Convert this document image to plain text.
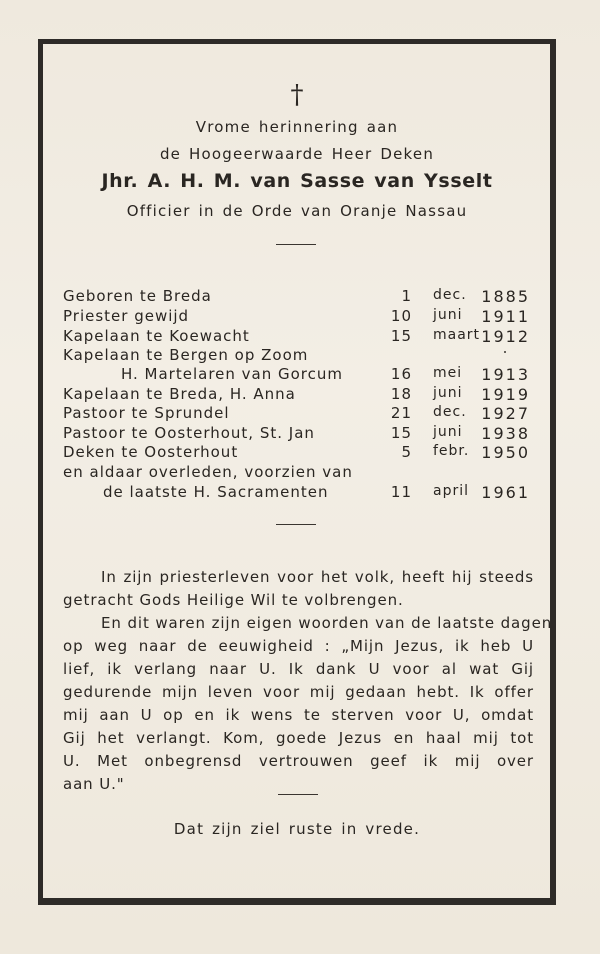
†
Vrome herinnering aan
de Hoogeerwaarde Heer Deken
Jhr. A. H. M. van Sasse van Ysselt
Officier in de Orde van Oranje Nassau
Geboren te Breda	1 dec. 1885
Priester gewijd	10 juni 1911
Kapelaan te Koewacht	15 maart 1912
Kapelaan te Bergen op Zoom
H. Martelaren van Gorcum	16 mei 1913
Kapelaan te Breda, H. Anna	18 juni 1919
Pastoor te Sprundel	21 dec. 1927
Pastoor te Oosterhout, St. Jan	15 juni 1938
Deken te Oosterhout	5 febr. 1950
en aldaar overleden, voorzien van
de laatste H. Sacramenten	11 april 1961
In zijn priesterleven voor het volk, heeft hij steeds
getracht Gods Heilige Wil te volbrengen.
En dit waren zijn eigen woorden van de laatste dagen
op weg naar de eeuwigheid : „Mijn Jezus, ik heb U
lief, ik verlang naar U. Ik dank U voor al wat Gij
gedurende mijn leven voor mij gedaan hebt. Ik offer
mij aan U op en ik wens te sterven voor U, omdat
Gij het verlangt. Kom, goede Jezus en haal mij tot
U. Met onbegrensd vertrouwen geef ik mij over
aan U."
Dat zijn ziel ruste in vrede.
